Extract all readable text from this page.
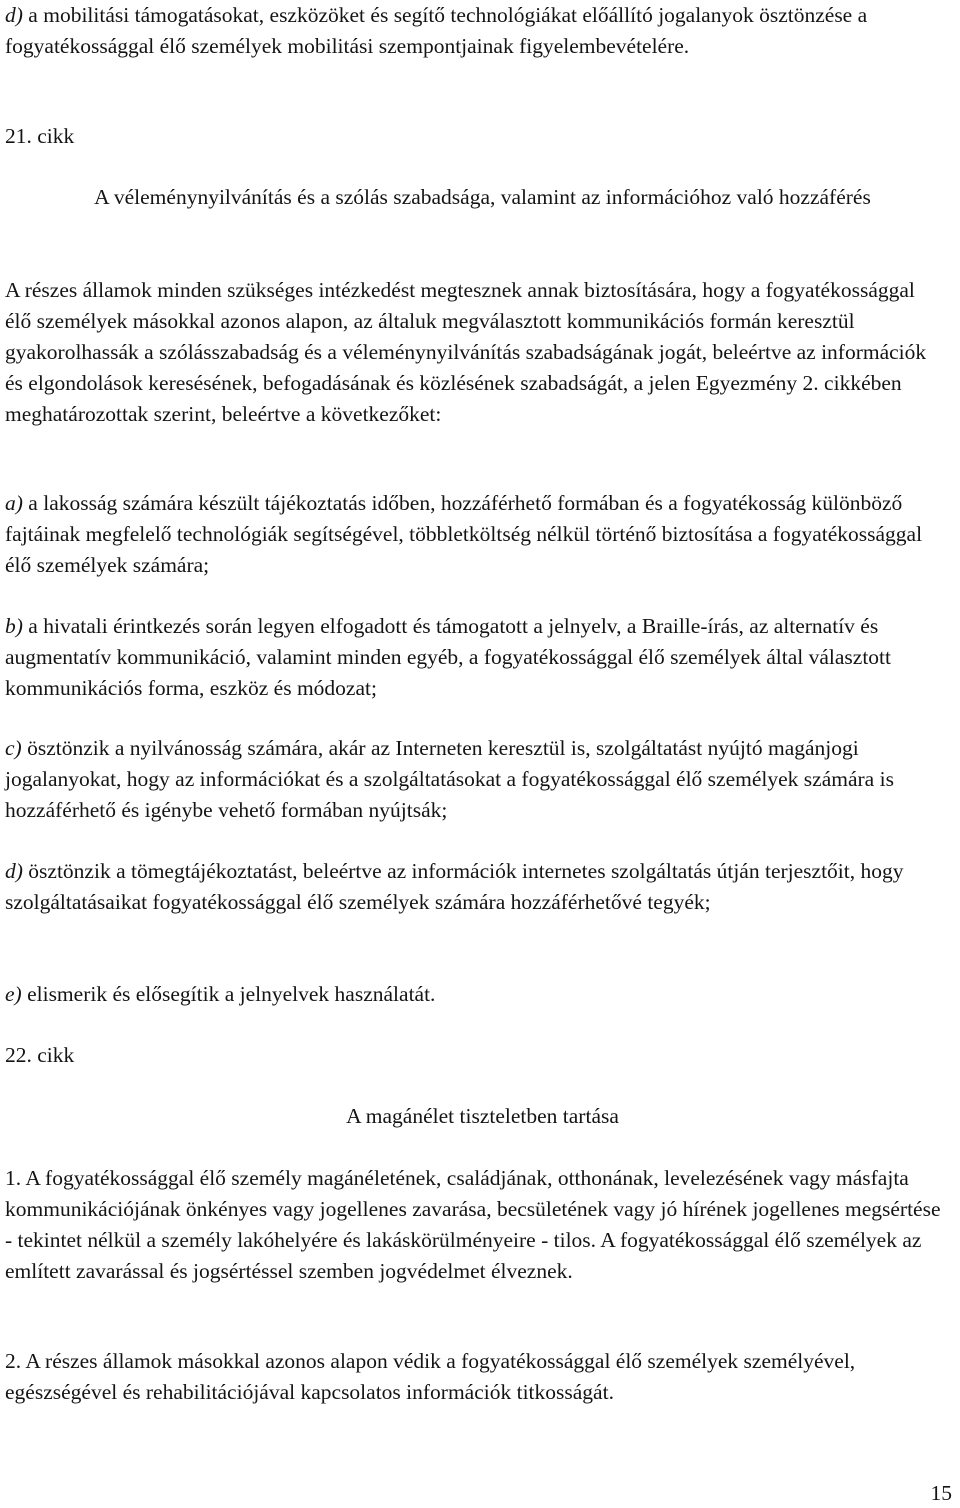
d) a mobilitási támogatásokat, eszközöket és segítő technológiákat előállító jogalanyok ösztönzése a fogyatékossággal élő személyek mobilitási szempontjainak figyelembevételére.

21. cikk

A véleménynyilvánítás és a szólás szabadsága, valamint az információhoz való hozzáférés

A részes államok minden szükséges intézkedést megtesznek annak biztosítására, hogy a fogyatékossággal élő személyek másokkal azonos alapon, az általuk megválasztott kommunikációs formán keresztül gyakorolhassák a szólásszabadság és a véleménynyilvánítás szabadságának jogát, beleértve az információk és elgondolások keresésének, befogadásának és közlésének szabadságát, a jelen Egyezmény 2. cikkében meghatározottak szerint, beleértve a következőket:

a) a lakosság számára készült tájékoztatás időben, hozzáférhető formában és a fogyatékosság különböző fajtáinak megfelelő technológiák segítségével, többletköltség nélkül történő biztosítása a fogyatékossággal élő személyek számára;

b) a hivatali érintkezés során legyen elfogadott és támogatott a jelnyelv, a Braille-írás, az alternatív és augmentatív kommunikáció, valamint minden egyéb, a fogyatékossággal élő személyek által választott kommunikációs forma, eszköz és módozat;

c) ösztönzik a nyilvánosság számára, akár az Interneten keresztül is, szolgáltatást nyújtó magánjogi jogalanyokat, hogy az információkat és a szolgáltatásokat a fogyatékossággal élő személyek számára is hozzáférhető és igénybe vehető formában nyújtsák;

d) ösztönzik a tömegtájékoztatást, beleértve az információk internetes szolgáltatás útján terjesztőit, hogy szolgáltatásaikat fogyatékossággal élő személyek számára hozzáférhetővé tegyék;

e) elismerik és elősegítik a jelnyelvek használatát.

22. cikk

A magánélet tiszteletben tartása

1. A fogyatékossággal élő személy magánéletének, családjának, otthonának, levelezésének vagy másfajta kommunikációjának önkényes vagy jogellenes zavarása, becsületének vagy jó hírének jogellenes megsértése - tekintet nélkül a személy lakóhelyére és lakáskörülményeire - tilos. A fogyatékossággal élő személyek az említett zavarással és jogsértéssel szemben jogvédelmet élveznek.

2. A részes államok másokkal azonos alapon védik a fogyatékossággal élő személyek személyével, egészségével és rehabilitációjával kapcsolatos információk titkosságát.

15
